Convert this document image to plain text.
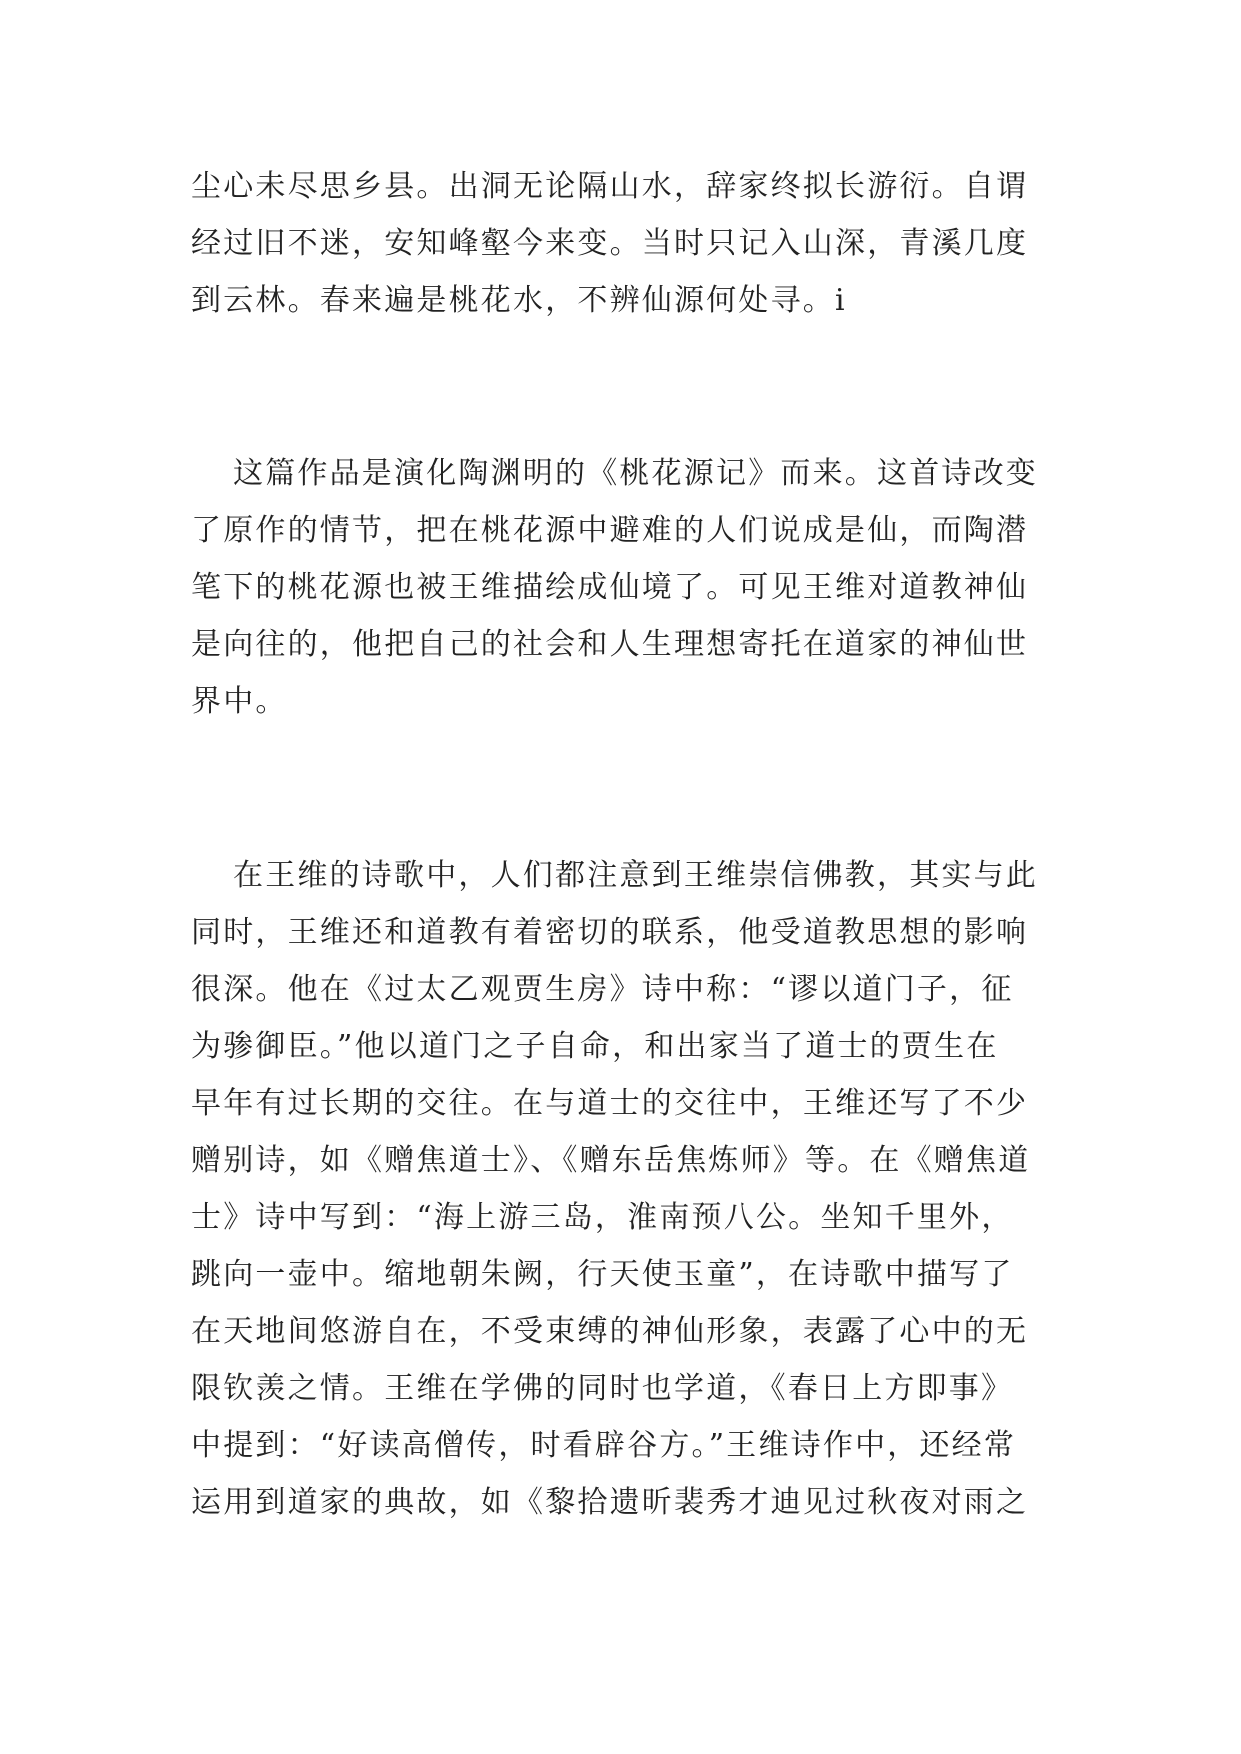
尘心未尽思乡县。出洞无论隔山水，辞家终拟长游衍。自谓
经过旧不迷，安知峰壑今来变。当时只记入山深，青溪几度
到云林。春来遍是桃花水，不辨仙源何处寻。i
这篇作品是演化陶渊明的《桃花源记》而来。这首诗改变
了原作的情节，把在桃花源中避难的人们说成是仙，而陶潜
笔下的桃花源也被王维描绘成仙境了。可见王维对道教神仙
是向往的，他把自己的社会和人生理想寄托在道家的神仙世
界中。
在王维的诗歌中，人们都注意到王维崇信佛教，其实与此
同时，王维还和道教有着密切的联系，他受道教思想的影响
很深。他在《过太乙观贾生房》诗中称：“谬以道门子，征
为骖御臣。”他以道门之子自命，和出家当了道士的贾生在
早年有过长期的交往。在与道士的交往中，王维还写了不少
赠别诗，如《赠焦道士》、《赠东岳焦炼师》等。在《赠焦道
士》诗中写到：“海上游三岛，淮南预八公。坐知千里外，
跳向一壶中。缩地朝朱阙，行天使玉童”，在诗歌中描写了
在天地间悠游自在，不受束缚的神仙形象，表露了心中的无
限钦羡之情。王维在学佛的同时也学道，《春日上方即事》
中提到：“好读高僧传，时看辟谷方。”王维诗作中，还经常
运用到道家的典故，如《黎拾遗昕裴秀才迪见过秋夜对雨之
